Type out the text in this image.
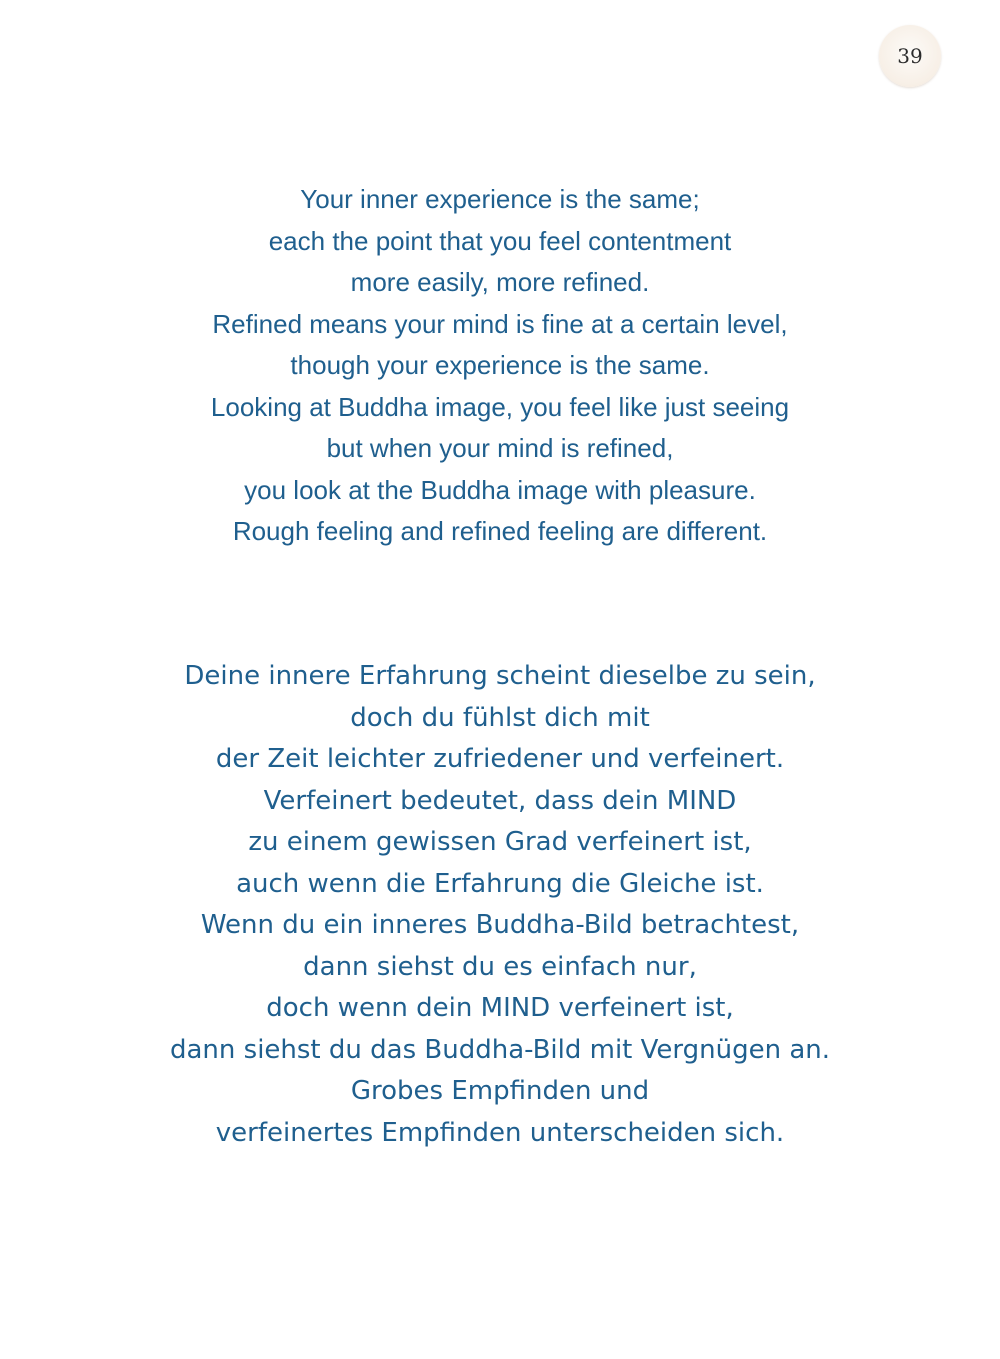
39
Your inner experience is the same;
each the point that you feel contentment
more easily, more refined.
Refined means your mind is fine at a certain level,
though your experience is the same.
Looking at Buddha image, you feel like just seeing
but when your mind is refined,
you look at the Buddha image with pleasure.
Rough feeling and refined feeling are different.
Deine innere Erfahrung scheint dieselbe zu sein,
doch du fühlst dich mit
der Zeit leichter zufriedener und verfeinert.
Verfeinert bedeutet, dass dein MIND
zu einem gewissen Grad verfeinert ist,
auch wenn die Erfahrung die Gleiche ist.
Wenn du ein inneres Buddha-Bild betrachtest,
dann siehst du es einfach nur,
doch wenn dein MIND verfeinert ist,
dann siehst du das Buddha-Bild mit Vergnügen an.
Grobes Empfinden und
verfeinertes Empfinden unterscheiden sich.
